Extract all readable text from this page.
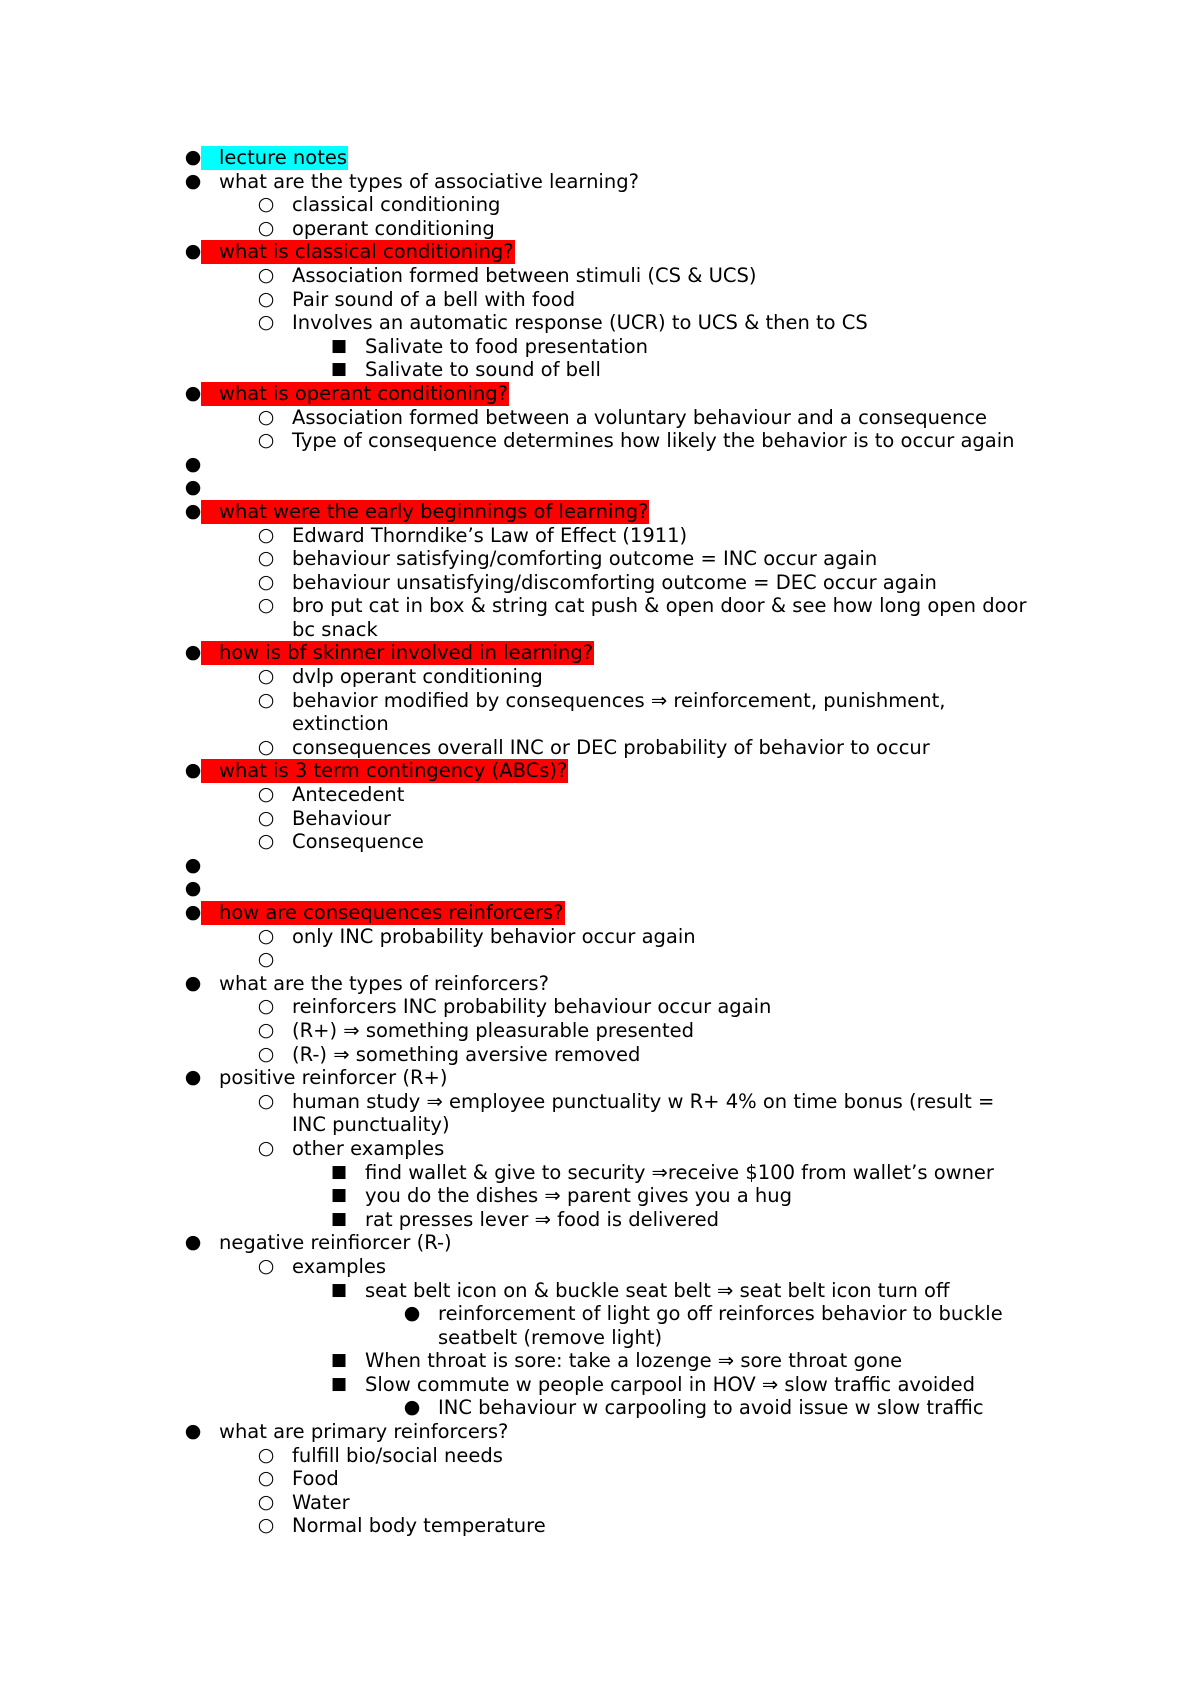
● lecture notes
● what are the types of associative learning?
○ classical conditioning
○ operant conditioning
● what is classical conditioning?
○ Association formed between stimuli (CS & UCS)
○ Pair sound of a bell with food
○ Involves an automatic response (UCR) to UCS & then to CS
■ Salivate to food presentation
■ Salivate to sound of bell
● what is operant conditioning?
○ Association formed between a voluntary behaviour and a consequence
○ Type of consequence determines how likely the behavior is to occur again
●
●
● what were the early beginnings of learning?
○ Edward Thorndike’s Law of Effect (1911)
○ behaviour satisfying/comforting outcome = INC occur again
○ behaviour unsatisfying/discomforting outcome = DEC occur again
○ bro put cat in box & string cat push & open door & see how long open door
bc snack
● how is bf skinner involved in learning?
○ dvlp operant conditioning
○ behavior modified by consequences ⇒ reinforcement, punishment,
extinction
○ consequences overall INC or DEC probability of behavior to occur
● what is 3 term contingency (ABCs)?
○ Antecedent
○ Behaviour
○ Consequence
●
●
● how are consequences reinforcers?
○ only INC probability behavior occur again
○
● what are the types of reinforcers?
○ reinforcers INC probability behaviour occur again
○ (R+) ⇒ something pleasurable presented
○ (R-) ⇒ something aversive removed
● positive reinforcer (R+)
○ human study ⇒ employee punctuality w R+ 4% on time bonus (result =
INC punctuality)
○ other examples
■ find wallet & give to security ⇒receive $100 from wallet’s owner
■ you do the dishes ⇒ parent gives you a hug
■ rat presses lever ⇒ food is delivered
● negative reinfiorcer (R-)
○ examples
■ seat belt icon on & buckle seat belt ⇒ seat belt icon turn off
● reinforcement of light go off reinforces behavior to buckle
seatbelt (remove light)
■ When throat is sore: take a lozenge ⇒ sore throat gone
■ Slow commute w people carpool in HOV ⇒ slow traffic avoided
● INC behaviour w carpooling to avoid issue w slow traffic
● what are primary reinforcers?
○ fulfill bio/social needs
○ Food
○ Water
○ Normal body temperature
